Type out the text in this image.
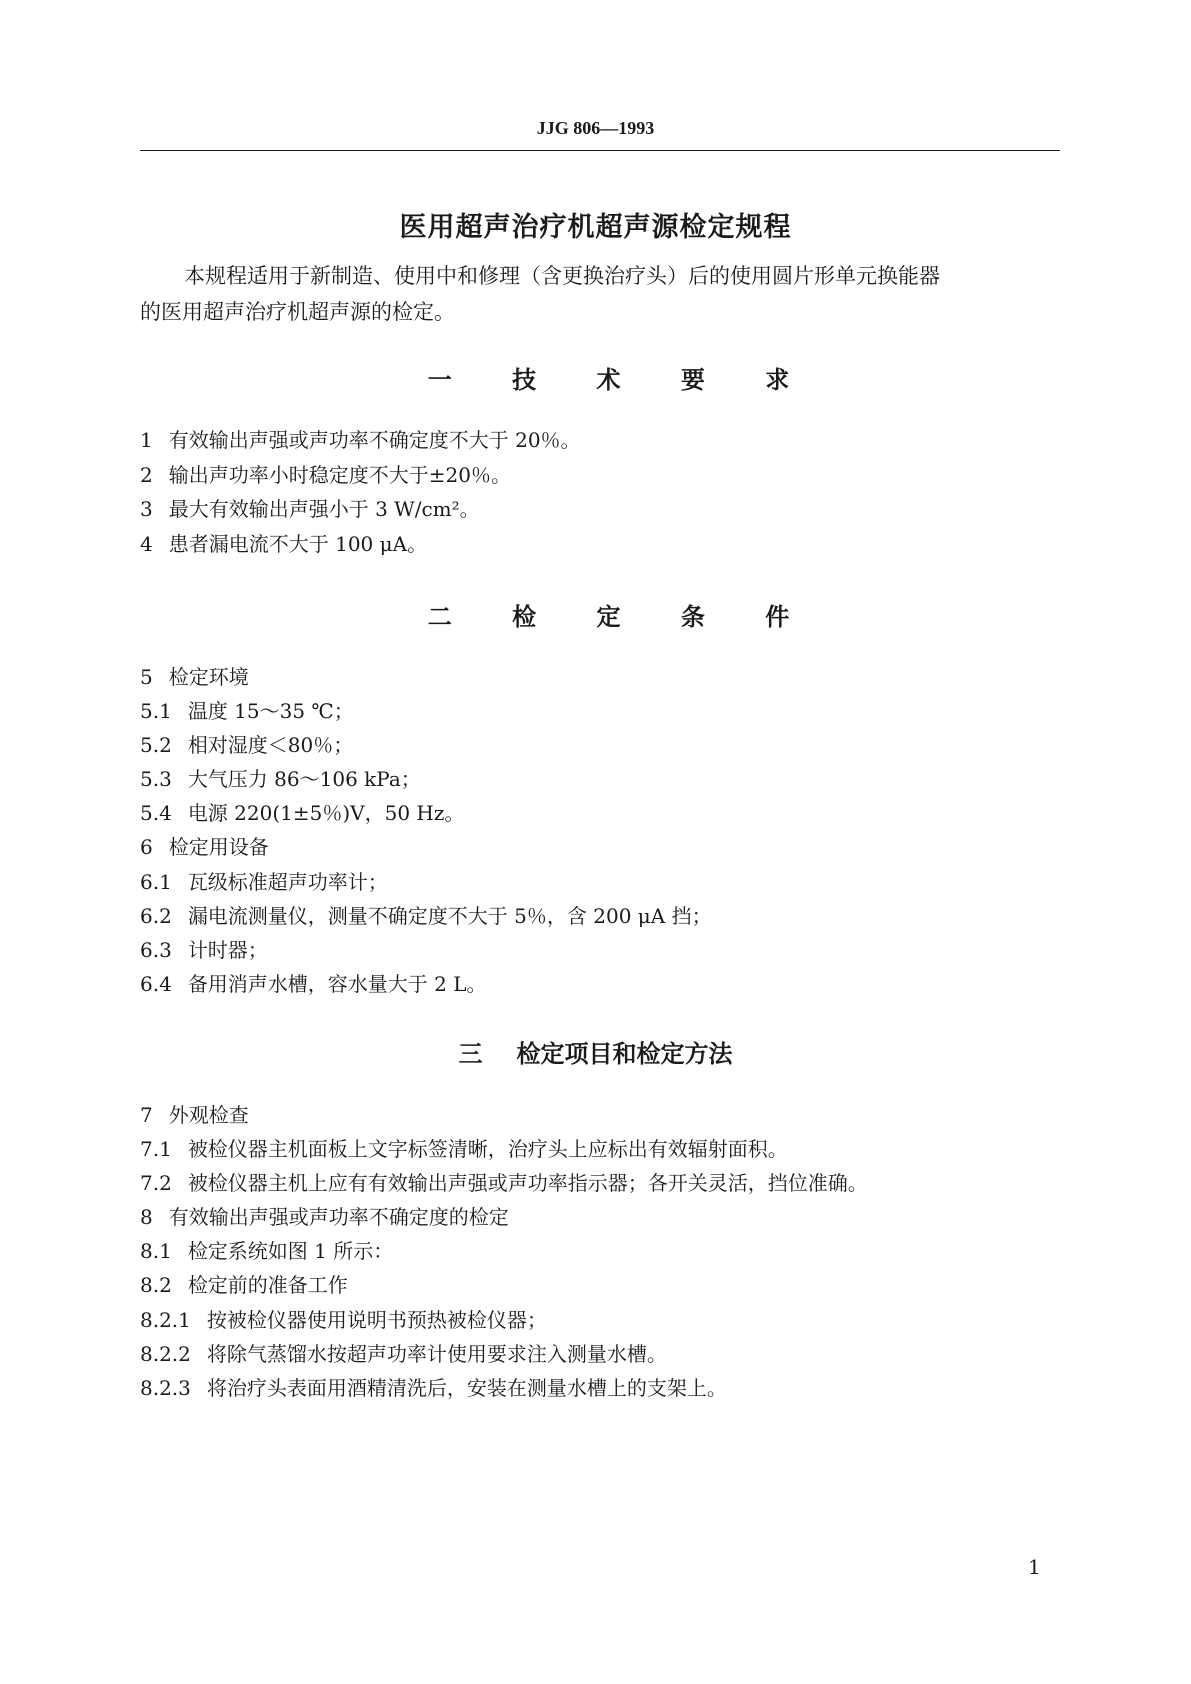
JJG 806—1993
医用超声治疗机超声源检定规程
本规程适用于新制造、使用中和修理（含更换治疗头）后的使用圆片形单元换能器
的医用超声治疗机超声源的检定。
一 技 术 要 求
1 有效输出声强或声功率不确定度不大于 20％。
2 输出声功率小时稳定度不大于±20％。
3 最大有效输出声强小于 3 W/cm²。
4 患者漏电流不大于 100 μA。
二 检 定 条 件
5 检定环境
5.1 温度 15～35 ℃；
5.2 相对湿度＜80％；
5.3 大气压力 86～106 kPa；
5.4 电源 220(1±5％)V，50 Hz。
6 检定用设备
6.1 瓦级标准超声功率计；
6.2 漏电流测量仪，测量不确定度不大于 5％，含 200 μA 挡；
6.3 计时器；
6.4 备用消声水槽，容水量大于 2 L。
三 检定项目和检定方法
7 外观检查
7.1 被检仪器主机面板上文字标签清晰，治疗头上应标出有效辐射面积。
7.2 被检仪器主机上应有有效输出声强或声功率指示器；各开关灵活，挡位准确。
8 有效输出声强或声功率不确定度的检定
8.1 检定系统如图 1 所示：
8.2 检定前的准备工作
8.2.1 按被检仪器使用说明书预热被检仪器；
8.2.2 将除气蒸馏水按超声功率计使用要求注入测量水槽。
8.2.3 将治疗头表面用酒精清洗后，安装在测量水槽上的支架上。
1
